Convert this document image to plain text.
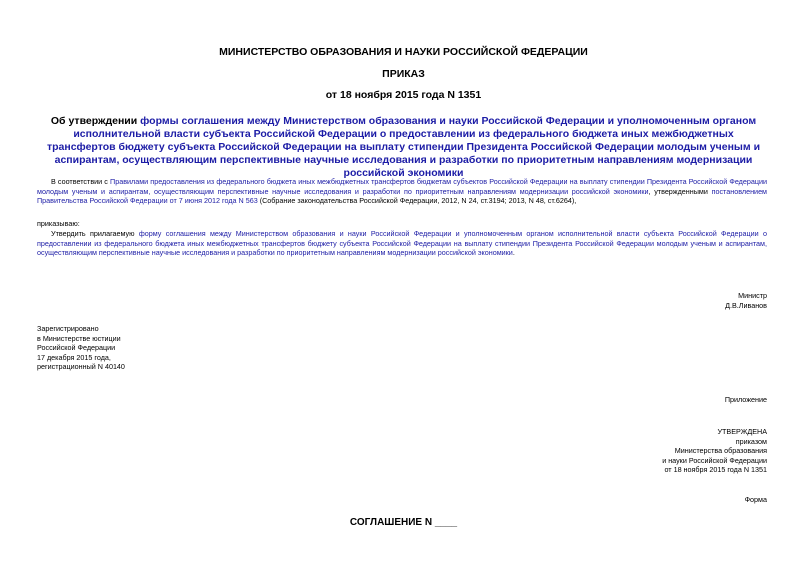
МИНИСТЕРСТВО ОБРАЗОВАНИЯ И НАУКИ РОССИЙСКОЙ ФЕДЕРАЦИИ
ПРИКАЗ
от 18 ноября 2015 года N 1351
Об утверждении формы соглашения между Министерством образования и науки Российской Федерации и уполномоченным органом исполнительной власти субъекта Российской Федерации о предоставлении из федерального бюджета иных межбюджетных трансфертов бюджету субъекта Российской Федерации на выплату стипендии Президента Российской Федерации молодым ученым и аспирантам, осуществляющим перспективные научные исследования и разработки по приоритетным направлениям модернизации российской экономики
В соответствии с Правилами предоставления из федерального бюджета иных межбюджетных трансфертов бюджетам субъектов Российской Федерации на выплату стипендии Президента Российской Федерации молодым ученым и аспирантам, осуществляющим перспективные научные исследования и разработки по приоритетным направлениям модернизации российской экономики, утвержденными постановлением Правительства Российской Федерации от 7 июня 2012 года N 563 (Собрание законодательства Российской Федерации, 2012, N 24, ст.3194; 2013, N 48, ст.6264),
приказываю:
Утвердить прилагаемую форму соглашения между Министерством образования и науки Российской Федерации и уполномоченным органом исполнительной власти субъекта Российской Федерации о предоставлении из федерального бюджета иных межбюджетных трансфертов бюджету субъекта Российской Федерации на выплату стипендии Президента Российской Федерации молодым ученым и аспирантам, осуществляющим перспективные научные исследования и разработки по приоритетным направлениям модернизации российской экономики.
Министр
Д.В.Ливанов
Зарегистрировано
в Министерстве юстиции
Российской Федерации
17 декабря 2015 года,
регистрационный N 40140
Приложение
УТВЕРЖДЕНА
приказом
Министерства образования
и науки Российской Федерации
от 18 ноября 2015 года N 1351
Форма
СОГЛАШЕНИЕ N ____
